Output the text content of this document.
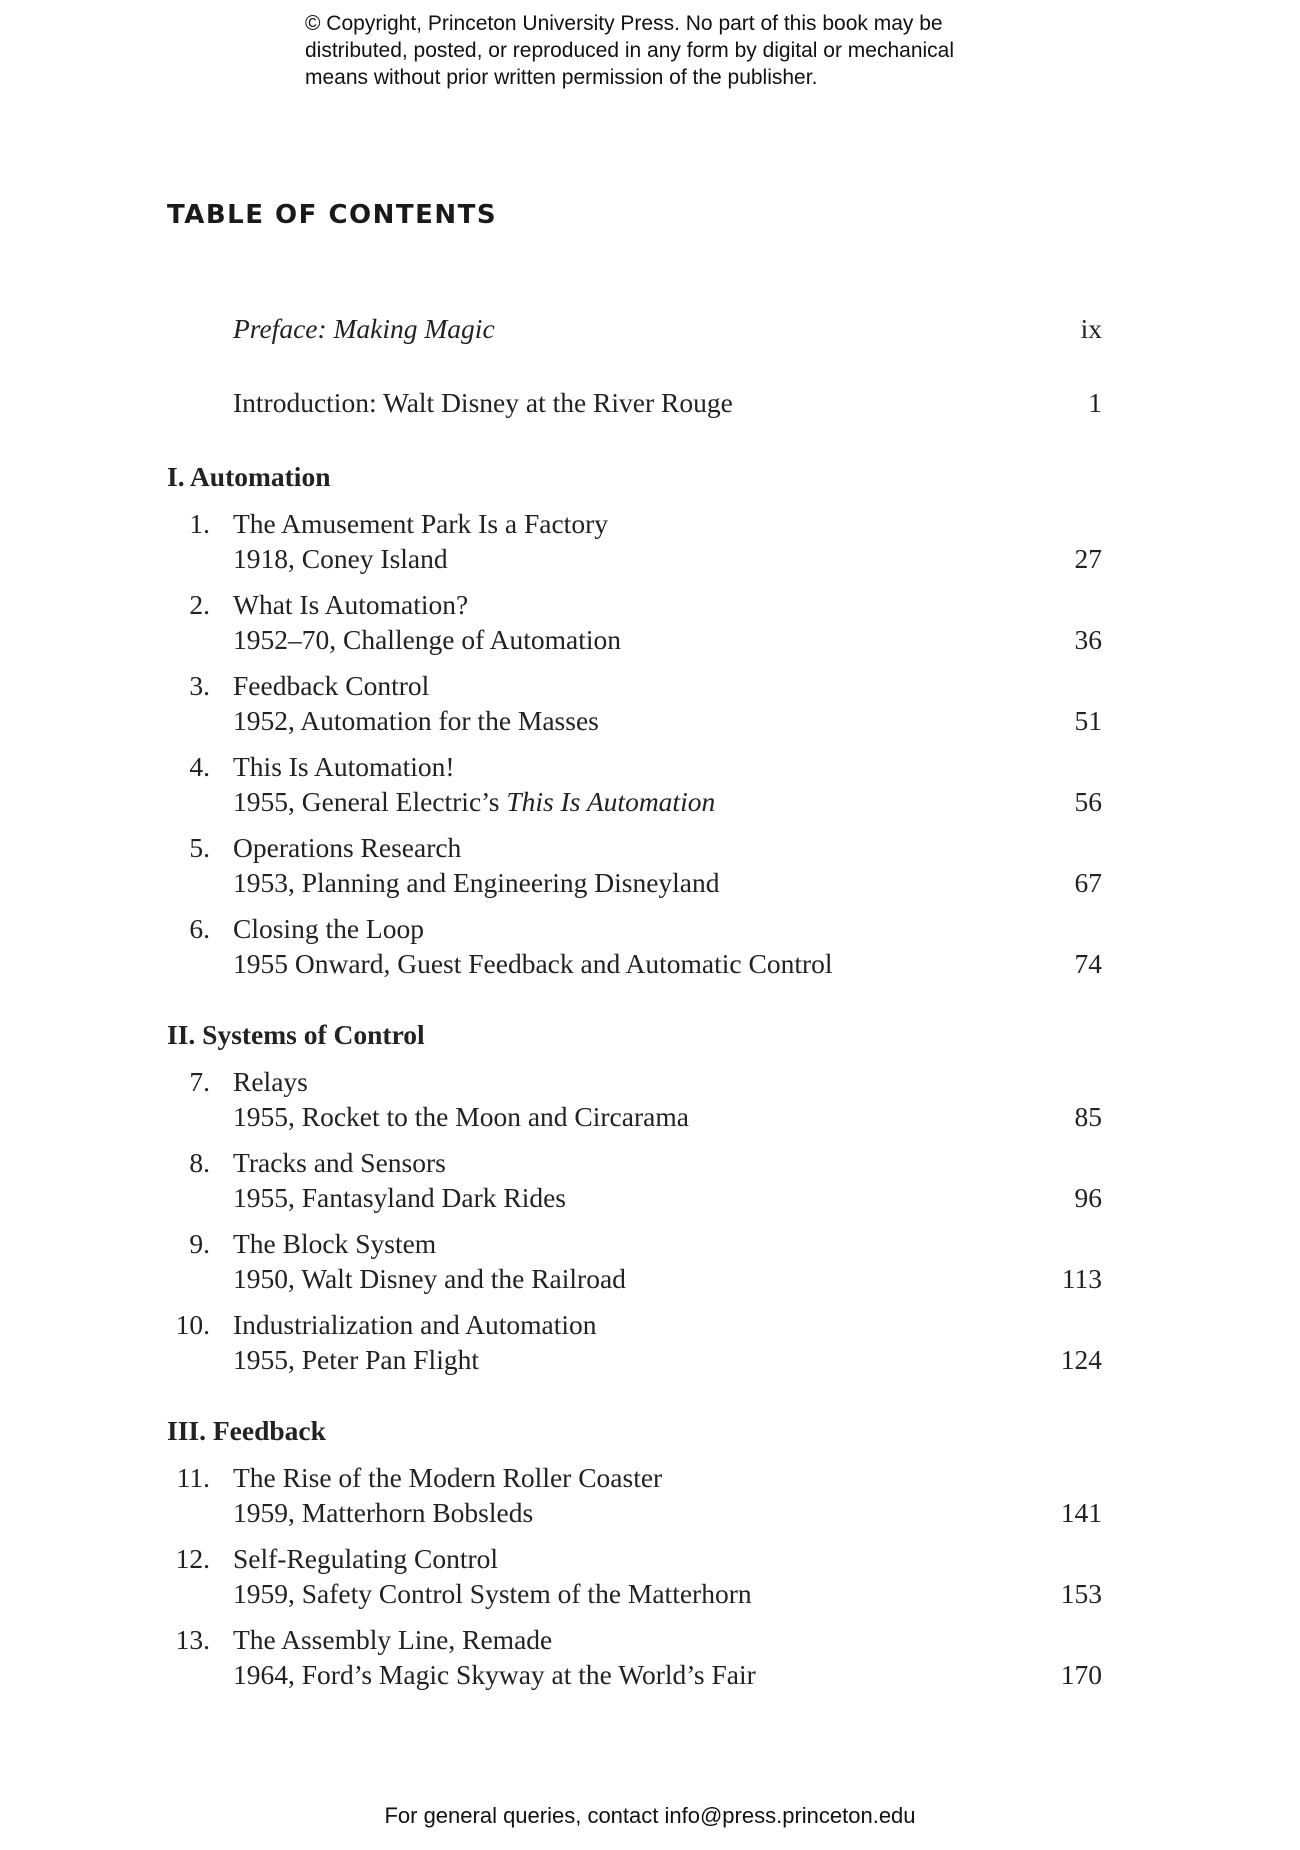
© Copyright, Princeton University Press. No part of this book may be
distributed, posted, or reproduced in any form by digital or mechanical
means without prior written permission of the publisher.
TABLE OF CONTENTS
Preface: Making Magic	ix
Introduction: Walt Disney at the River Rouge	1
I. Automation
1. The Amusement Park Is a Factory
1918, Coney Island	27
2. What Is Automation?
1952–70, Challenge of Automation	36
3. Feedback Control
1952, Automation for the Masses	51
4. This Is Automation!
1955, General Electric’s This Is Automation	56
5. Operations Research
1953, Planning and Engineering Disneyland	67
6. Closing the Loop
1955 Onward, Guest Feedback and Automatic Control	74
II. Systems of Control
7. Relays
1955, Rocket to the Moon and Circarama	85
8. Tracks and Sensors
1955, Fantasyland Dark Rides	96
9. The Block System
1950, Walt Disney and the Railroad	113
10. Industrialization and Automation
1955, Peter Pan Flight	124
III. Feedback
11. The Rise of the Modern Roller Coaster
1959, Matterhorn Bobsleds	141
12. Self-Regulating Control
1959, Safety Control System of the Matterhorn	153
13. The Assembly Line, Remade
1964, Ford’s Magic Skyway at the World’s Fair	170
For general queries, contact info@press.princeton.edu
